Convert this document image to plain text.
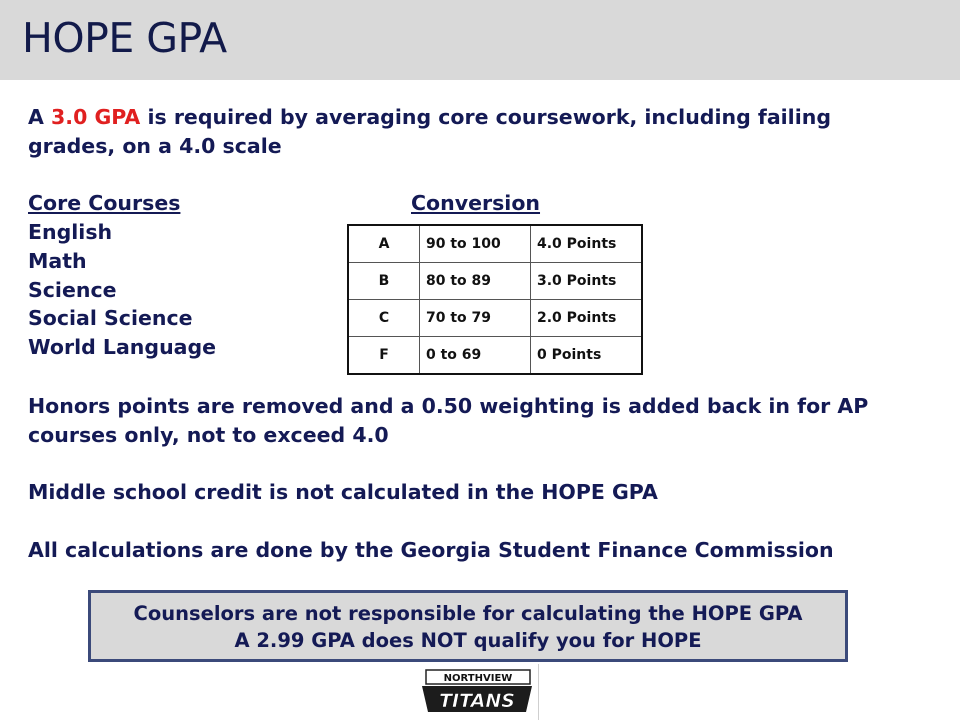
HOPE GPA
A 3.0 GPA is required by averaging core coursework, including failing
grades, on a 4.0 scale
Core Courses	Conversion
English
Math
Science
Social Science
World Language
A	90 to 100	4.0 Points
B	80 to 89	3.0 Points
C	70 to 79	2.0 Points
F	0 to 69	0 Points
Honors points are removed and a 0.50 weighting is added back in for AP
courses only, not to exceed 4.0
Middle school credit is not calculated in the HOPE GPA
All calculations are done by the Georgia Student Finance Commission
Counselors are not responsible for calculating the HOPE GPA
A 2.99 GPA does NOT qualify you for HOPE
NORTHVIEW
TITANS
